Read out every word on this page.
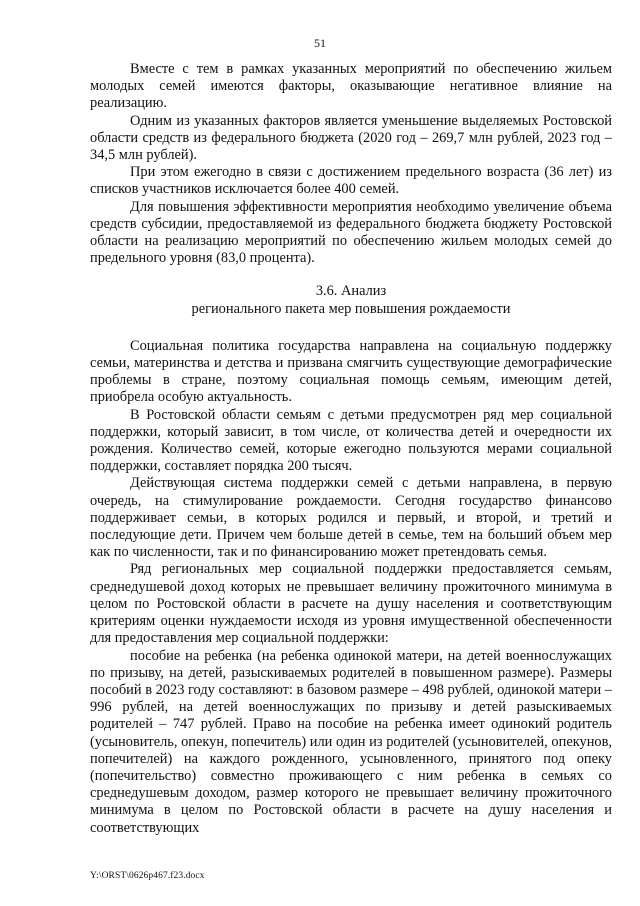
51

Вместе с тем в рамках указанных мероприятий по обеспечению жильем молодых семей имеются факторы, оказывающие негативное влияние на реализацию.

Одним из указанных факторов является уменьшение выделяемых Ростовской области средств из федерального бюджета (2020 год – 269,7 млн рублей, 2023 год – 34,5 млн рублей).

При этом ежегодно в связи с достижением предельного возраста (36 лет) из списков участников исключается более 400 семей.

Для повышения эффективности мероприятия необходимо увеличение объема средств субсидии, предоставляемой из федерального бюджета бюджету Ростовской области на реализацию мероприятий по обеспечению жильем молодых семей до предельного уровня (83,0 процента).

3.6. Анализ
регионального пакета мер повышения рождаемости

Социальная политика государства направлена на социальную поддержку семьи, материнства и детства и призвана смягчить существующие демографические проблемы в стране, поэтому социальная помощь семьям, имеющим детей, приобрела особую актуальность.

В Ростовской области семьям с детьми предусмотрен ряд мер социальной поддержки, который зависит, в том числе, от количества детей и очередности их рождения. Количество семей, которые ежегодно пользуются мерами социальной поддержки, составляет порядка 200 тысяч.

Действующая система поддержки семей с детьми направлена, в первую очередь, на стимулирование рождаемости. Сегодня государство финансово поддерживает семьи, в которых родился и первый, и второй, и третий и последующие дети. Причем чем больше детей в семье, тем на больший объем мер как по численности, так и по финансированию может претендовать семья.

Ряд региональных мер социальной поддержки предоставляется семьям, среднедушевой доход которых не превышает величину прожиточного минимума в целом по Ростовской области в расчете на душу населения и соответствующим критериям оценки нуждаемости исходя из уровня имущественной обеспеченности для предоставления мер социальной поддержки:

пособие на ребенка (на ребенка одинокой матери, на детей военнослужащих по призыву, на детей, разыскиваемых родителей в повышенном размере). Размеры пособий в 2023 году составляют: в базовом размере – 498 рублей, одинокой матери – 996 рублей, на детей военнослужащих по призыву и детей разыскиваемых родителей – 747 рублей. Право на пособие на ребенка имеет одинокий родитель (усыновитель, опекун, попечитель) или один из родителей (усыновителей, опекунов, попечителей) на каждого рожденного, усыновленного, принятого под опеку (попечительство) совместно проживающего с ним ребенка в семьях со среднедушевым доходом, размер которого не превышает величину прожиточного минимума в целом по Ростовской области в расчете на душу населения и соответствующих

Y:\ORST\0626p467.f23.docx
